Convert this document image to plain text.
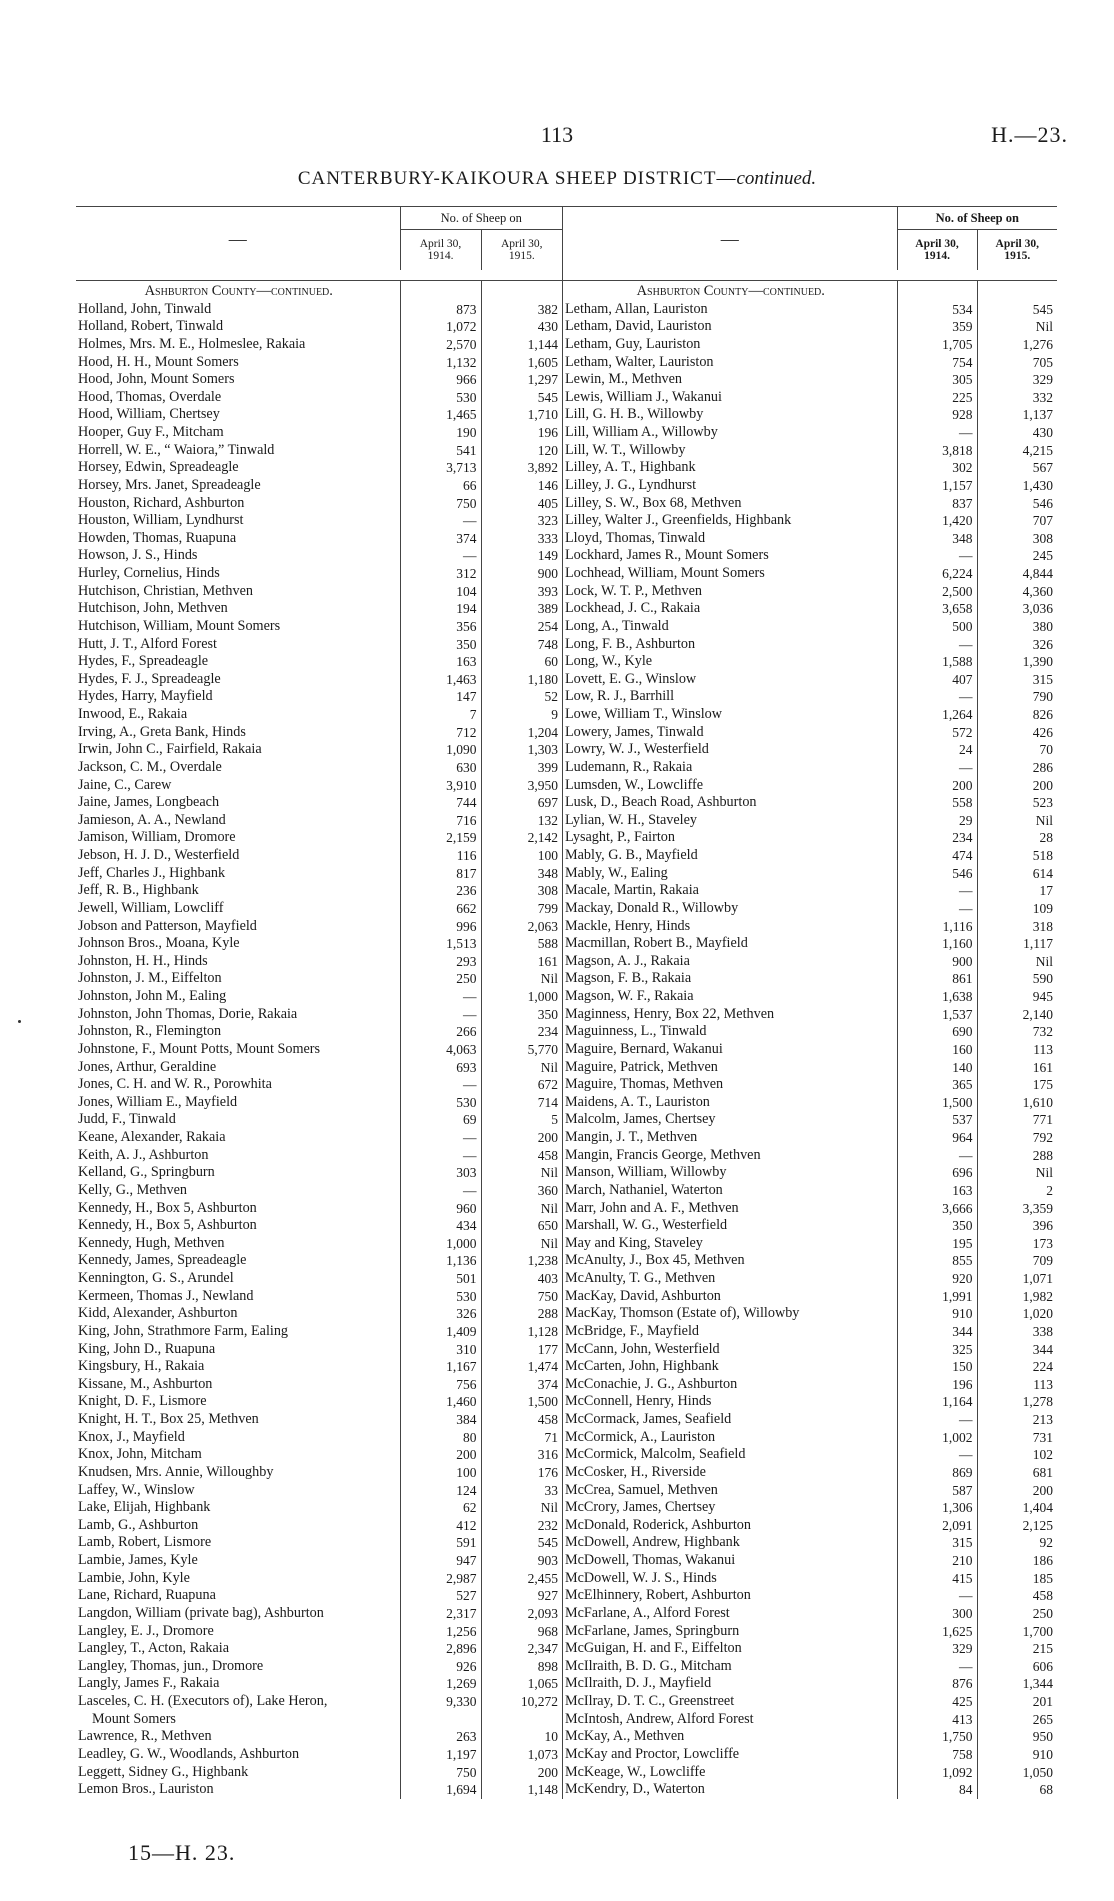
113	H.—23.
CANTERBURY-KAIKOURA SHEEP DISTRICT—continued.
—	No. of Sheep on	
	April 30,
1914.	April 30,
1915.

Ashburton County—continued.		
Holland, John, Tinwald	873	382
Holland, Robert, Tinwald	1,072	430
Holmes, Mrs. M. E., Holmeslee, Rakaia	2,570	1,144
Hood, H. H., Mount Somers	1,132	1,605
Hood, John, Mount Somers	966	1,297
Hood, Thomas, Overdale	530	545
Hood, William, Chertsey	1,465	1,710
Hooper, Guy F., Mitcham	190	196
Horrell, W. E., “ Waiora,” Tinwald	541	120
Horsey, Edwin, Spreadeagle	3,713	3,892
Horsey, Mrs. Janet, Spreadeagle	66	146
Houston, Richard, Ashburton	750	405
Houston, William, Lyndhurst	—	323
Howden, Thomas, Ruapuna	374	333
Howson, J. S., Hinds	—	149
Hurley, Cornelius, Hinds	312	900
Hutchison, Christian, Methven	104	393
Hutchison, John, Methven	194	389
Hutchison, William, Mount Somers	356	254
Hutt, J. T., Alford Forest	350	748
Hydes, F., Spreadeagle	163	60
Hydes, F. J., Spreadeagle	1,463	1,180
Hydes, Harry, Mayfield	147	52
Inwood, E., Rakaia	7	9
Irving, A., Greta Bank, Hinds	712	1,204
Irwin, John C., Fairfield, Rakaia	1,090	1,303
Jackson, C. M., Overdale	630	399
Jaine, C., Carew	3,910	3,950
Jaine, James, Longbeach	744	697
Jamieson, A. A., Newland	716	132
Jamison, William, Dromore	2,159	2,142
Jebson, H. J. D., Westerfield	116	100
Jeff, Charles J., Highbank	817	348
Jeff, R. B., Highbank	236	308
Jewell, William, Lowcliff	662	799
Jobson and Patterson, Mayfield	996	2,063
Johnson Bros., Moana, Kyle	1,513	588
Johnston, H. H., Hinds	293	161
Johnston, J. M., Eiffelton	250	Nil
Johnston, John M., Ealing	—	1,000
Johnston, John Thomas, Dorie, Rakaia	—	350
Johnston, R., Flemington	266	234
Johnstone, F., Mount Potts, Mount Somers	4,063	5,770
Jones, Arthur, Geraldine	693	Nil
Jones, C. H. and W. R., Porowhita	—	672
Jones, William E., Mayfield	530	714
Judd, F., Tinwald	69	5
Keane, Alexander, Rakaia	—	200
Keith, A. J., Ashburton	—	458
Kelland, G., Springburn	303	Nil
Kelly, G., Methven	—	360
Kennedy, H., Box 5, Ashburton	960	Nil
Kennedy, H., Box 5, Ashburton	434	650
Kennedy, Hugh, Methven	1,000	Nil
Kennedy, James, Spreadeagle	1,136	1,238
Kennington, G. S., Arundel	501	403
Kermeen, Thomas J., Newland	530	750
Kidd, Alexander, Ashburton	326	288
King, John, Strathmore Farm, Ealing	1,409	1,128
King, John D., Ruapuna	310	177
Kingsbury, H., Rakaia	1,167	1,474
Kissane, M., Ashburton	756	374
Knight, D. F., Lismore	1,460	1,500
Knight, H. T., Box 25, Methven	384	458
Knox, J., Mayfield	80	71
Knox, John, Mitcham	200	316
Knudsen, Mrs. Annie, Willoughby	100	176
Laffey, W., Winslow	124	33
Lake, Elijah, Highbank	62	Nil
Lamb, G., Ashburton	412	232
Lamb, Robert, Lismore	591	545
Lambie, James, Kyle	947	903
Lambie, John, Kyle	2,987	2,455
Lane, Richard, Ruapuna	527	927
Langdon, William (private bag), Ashburton	2,317	2,093
Langley, E. J., Dromore	1,256	968
Langley, T., Acton, Rakaia	2,896	2,347
Langley, Thomas, jun., Dromore	926	898
Langly, James F., Rakaia	1,269	1,065
Lasceles, C. H. (Executors of), Lake Heron,	9,330	10,272
Mount Somers		
Lawrence, R., Methven	263	10
Leadley, G. W., Woodlands, Ashburton	1,197	1,073
Leggett, Sidney G., Highbank	750	200
Lemon Bros., Lauriston	1,694	1,148
—	No. of Sheep on	
	April 30,
1914.	April 30,
1915.

Ashburton County—continued.		
Letham, Allan, Lauriston	534	545
Letham, David, Lauriston	359	Nil
Letham, Guy, Lauriston	1,705	1,276
Letham, Walter, Lauriston	754	705
Lewin, M., Methven	305	329
Lewis, William J., Wakanui	225	332
Lill, G. H. B., Willowby	928	1,137
Lill, William A., Willowby	—	430
Lill, W. T., Willowby	3,818	4,215
Lilley, A. T., Highbank	302	567
Lilley, J. G., Lyndhurst	1,157	1,430
Lilley, S. W., Box 68, Methven	837	546
Lilley, Walter J., Greenfields, Highbank	1,420	707
Lloyd, Thomas, Tinwald	348	308
Lockhard, James R., Mount Somers	—	245
Lochhead, William, Mount Somers	6,224	4,844
Lock, W. T. P., Methven	2,500	4,360
Lockhead, J. C., Rakaia	3,658	3,036
Long, A., Tinwald	500	380
Long, F. B., Ashburton	—	326
Long, W., Kyle	1,588	1,390
Lovett, E. G., Winslow	407	315
Low, R. J., Barrhill	—	790
Lowe, William T., Winslow	1,264	826
Lowery, James, Tinwald	572	426
Lowry, W. J., Westerfield	24	70
Ludemann, R., Rakaia	—	286
Lumsden, W., Lowcliffe	200	200
Lusk, D., Beach Road, Ashburton	558	523
Lylian, W. H., Staveley	29	Nil
Lysaght, P., Fairton	234	28
Mably, G. B., Mayfield	474	518
Mably, W., Ealing	546	614
Macale, Martin, Rakaia	—	17
Mackay, Donald R., Willowby	—	109
Mackle, Henry, Hinds	1,116	318
Macmillan, Robert B., Mayfield	1,160	1,117
Magson, A. J., Rakaia	900	Nil
Magson, F. B., Rakaia	861	590
Magson, W. F., Rakaia	1,638	945
Maginness, Henry, Box 22, Methven	1,537	2,140
Maguinness, L., Tinwald	690	732
Maguire, Bernard, Wakanui	160	113
Maguire, Patrick, Methven	140	161
Maguire, Thomas, Methven	365	175
Maidens, A. T., Lauriston	1,500	1,610
Malcolm, James, Chertsey	537	771
Mangin, J. T., Methven	964	792
Mangin, Francis George, Methven	—	288
Manson, William, Willowby	696	Nil
March, Nathaniel, Waterton	163	2
Marr, John and A. F., Methven	3,666	3,359
Marshall, W. G., Westerfield	350	396
May and King, Staveley	195	173
McAnulty, J., Box 45, Methven	855	709
McAnulty, T. G., Methven	920	1,071
MacKay, David, Ashburton	1,991	1,982
MacKay, Thomson (Estate of), Willowby	910	1,020
McBridge, F., Mayfield	344	338
McCann, John, Westerfield	325	344
McCarten, John, Highbank	150	224
McConachie, J. G., Ashburton	196	113
McConnell, Henry, Hinds	1,164	1,278
McCormack, James, Seafield	—	213
McCormick, A., Lauriston	1,002	731
McCormick, Malcolm, Seafield	—	102
McCosker, H., Riverside	869	681
McCrea, Samuel, Methven	587	200
McCrory, James, Chertsey	1,306	1,404
McDonald, Roderick, Ashburton	2,091	2,125
McDowell, Andrew, Highbank	315	92
McDowell, Thomas, Wakanui	210	186
McDowell, W. J. S., Hinds	415	185
McElhinnery, Robert, Ashburton	—	458
McFarlane, A., Alford Forest	300	250
McFarlane, James, Springburn	1,625	1,700
McGuigan, H. and F., Eiffelton	329	215
McIlraith, B. D. G., Mitcham	—	606
McIlraith, D. J., Mayfield	876	1,344
McIlray, D. T. C., Greenstreet	425	201
McIntosh, Andrew, Alford Forest	413	265
McKay, A., Methven	1,750	950
McKay and Proctor, Lowcliffe	758	910
McKeage, W., Lowcliffe	1,092	1,050
McKendry, D., Waterton	84	68
15—H. 23.
